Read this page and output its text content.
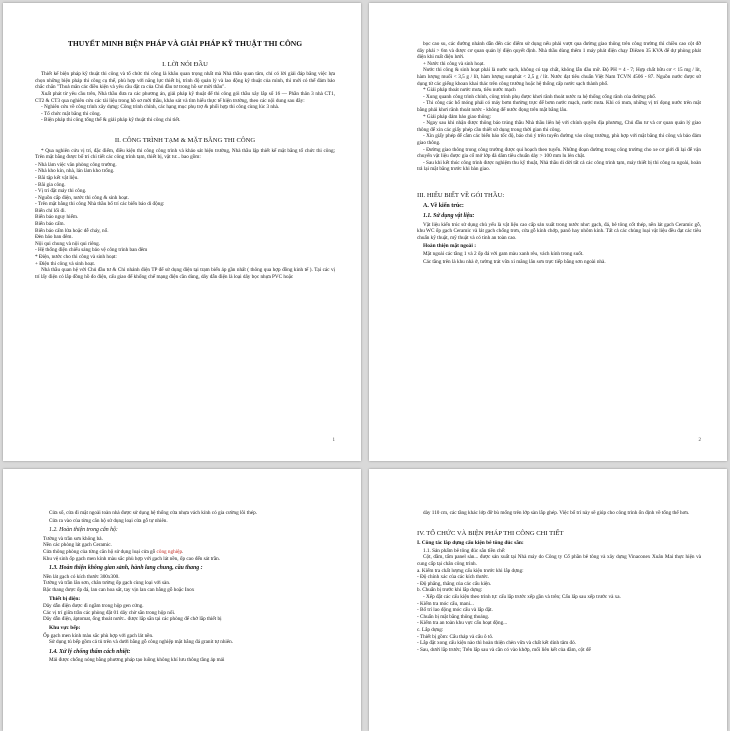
THUYẾT MINH BIỆN PHÁP VÀ GIẢI PHÁP KỸ THUẬT THI CÔNG
I. LỜI NÓI ĐẦU
Thiết kế biện pháp kỹ thuật thi công và tổ chức thi công là khâu quan trọng nhất mà Nhà thầu quan tâm, chỉ có lời giải đáp bằng việc lựa chọn những biện pháp thi công cụ thể, phù hợp với năng lực thiết bị, trình độ quản lý và lao động kỹ thuật của mình, thì mới có thể đảm bảo chắc chắn "Thoả mãn các điều kiện và yêu cầu đặt ra của Chủ đầu tư trong hồ sơ mời thầu".
Xuất phát từ yêu cầu trên, Nhà thầu đưa ra các phương án, giải pháp kỹ thuật để thi công gói thầu xây lắp số 16 — Phần thân 3 nhà CT1, CT2 & CT3 qua nghiên cứu các tài liệu trong hồ sơ mời thầu, khảo sát và tìm hiểu thực tế hiện trường, theo các nội dung sau đây:
- Nghiên cứu về công trình xây dựng: Công trình chính, các hạng mục phụ trợ & phối hợp thi công cùng lúc 3 nhà.
- Tổ chức mặt bằng thi công.
- Biện pháp thi công tổng thể & giải pháp kỹ thuật thi công chi tiết.
II. CÔNG TRÌNH TẠM & MẶT BẰNG THI CÔNG
* Qua nghiên cứu vị trí, đặc điểm, điều kiện thi công công trình và khảo sát hiện trường, Nhà thầu lập thiết kế mặt bằng tổ chức thi công; Trên mặt bằng được bố trí chi tiết các công trình tạm, thiết bị, vật tư... bao gồm:
- Nhà làm việc văn phòng công trường.
- Nhà kho kín, nhà, lán làm kho trống.
- Bãi tập kết vật liệu.
- Bãi gia công.
- Vị trí đặt máy thi công.
- Nguồn cấp điện, nước thi công & sinh hoạt.
- Trên mặt bằng thi công Nhà thầu bố trí các biển báo di động:
Biển chỉ lối đi.
Biển báo nguy hiểm.
Biển báo cấm.
Biển báo cấm lửa hoặc dễ cháy, nổ.
Đèn báo ban đêm.
Nội qui chung và nội qui riêng.
- Hệ thống điện chiếu sáng bảo vệ công trình ban đêm
* Điện, nước cho thi công và sinh hoạt:
+ Điện thi công và sinh hoạt.
Nhà thầu quan hệ với Chủ đầu tư & Chi nhánh điện TP để sử dụng điện tại trạm biến áp gần nhất ( thông qua hợp đồng kinh tế ). Tại các vị trí lấy điện có lắp đồng hồ đo điện, cấu giao để khống chế mạng điện cần dùng, dây dẫn điện là loại dây bọc nhựa PVC hoặc
1
bọc cao su, các đường nhánh dẫn đến các điểm sử dụng nếu phải vượt qua đường giao thông trên công trường thì chiều cao cột đỡ dây phải > 6m và được cơ quan quản lý điện quyết định. Nhà thầu dùng thêm 1 máy phát điện chạy Diêzen 35 KVA để dự phòng phát điện khi mất điện lưới.
+ Nước thi công và sinh hoạt.
Nước thi công & sinh hoạt phải là nước sạch, không có tạp chất, không lẫn dầu mỡ. Độ PH = 4 - 7; Hợp chất hữu cơ < 15 mg / lít, hàm lượng muối < 3,5 g / lít, hàm lượng sunphát < 2,5 g / lít. Nước đạt tiêu chuẩn Việt Nam TCVN 4506 - 87. Nguồn nước được sử dụng từ các giếng khoan khai thác trên công trường hoặc hệ thống cấp nước sạch thành phố.
* Giải pháp thoát nước mưa, tiêu nước mạch
- Xung quanh công trình chính, công trình phụ được khơi rãnh thoát nước ra hệ thống cống rãnh của đường phố.
- Thi công các hố móng phải có máy bơm thường trực để bơm nước mạch, nước mưa. Khi có mưa, những vị trí đọng nước trên mặt bằng phải khơi rãnh thoát nước - không để nước đọng trên mặt bằng lâu.
* Giải pháp đảm bảo giao thông:
- Ngay sau khi nhận được thông báo trúng thầu Nhà thầu liên hệ với chính quyền địa phương, Chủ đầu tư và cơ quan quản lý giao thông để xin các giấy phép cần thiết sử dụng trong thời gian thi công.
- Xin giấy phép để cắm các biển báo tốc độ, báo chủ ý trên tuyến đường vào công trường, phù hợp với mặt bằng thi công và bảo đảm giao thông.
- Đường giao thông trong công trường được qui hoạch theo tuyến. Những đoạn đường trong công trường cho xe cơ giới đi lại để vận chuyển vật liệu được gia cố mở lớp đá dăm tiêu chuẩn dày > 100 mm lu lèn chặt.
- Sau khi kết thúc công trình được nghiệm thu kỹ thuật, Nhà thầu di dời tất cả các công trình tạm, máy thiết bị thi công ra ngoài, hoàn trả lại mặt bằng trước khi bàn giao.
III. HIỂU BIẾT VỀ GÓI THẦU:
A. Về kiến trúc:
1.1. Sử dụng vật liệu:
Vật liệu kiến trúc sử dụng chủ yếu là vật liệu cao cấp sản xuất trong nước như: gạch, đá, bê tông cốt thép, nền lát gạch Ceramic gỗ, khu WC ốp gạch Ceramic và lát gạch chống trơn, cửa gỗ kính chớp, panô hay nhôm kính. Tất cả các chủng loại vật liệu đều đạt các tiêu chuẩn kỹ thuật, mỹ thuật và có tính an toàn cao.
Hoàn thiện mặt ngoài :
Mặt ngoài các tầng 1 và 2 ốp đá với gam màu xanh rêu, vách kính trong suốt.
Các tầng trên là khu nhà ở, tường trát vữa xi măng lăn sơn trực tiếp bằng sơn ngoài nhà.
2
Cửa sổ, cửa đi mặt ngoài toàn nhà được sử dụng hệ thống cửa nhựa vách kính có gia cường lõi thép.
Cửa ra vào của từng căn hộ sử dụng loại cửa gỗ tự nhiên.
1.2. Hoàn thiện trong căn hộ:
Tường và trần sơn không bả.
Nền các phòng lát gạch Ceramic.
Cửa thông phòng của từng căn hộ sử dụng loại cửa gỗ công nghiệp.
Khu vệ sinh ốp gạch men kính màu sắc phù hợp với gạch lát nền, ốp cao đến sát trần.
1.3. Hoàn thiện không gian sảnh, hành lang chung, cầu thang :
Nền lát gạch có kích thước 300x300.
Tường và trần lăn sơn, chân tường ốp gạch cùng loại với sàn.
Bậc thang được ốp đá, lan can hoa sắt, tay vịn lan can bằng gỗ hoặc Inox
Thiết bị điện:
Dây dẫn điện được đi ngầm trong hộp gen cứng.
Các vị trí giữa trần các phòng đặt 01 dây chờ sẵn trong hộp nối.
Dây dẫn điện, áptomat, ổng thoát nước.. được lắp sẵn tại các phòng để chờ lắp thiết bị
Khu vực bếp:
Ốp gạch men kính màu sắc phù hợp với gạch lát nền.
Sử dụng tủ bếp gồm cả tủ trên và dưới bằng gỗ công nghiệp mặt bằng đá granit tự nhiên.
1.4. Xử lý chống thấm cách nhiệt:
Mái được chống nóng bằng phương pháp tạo luồng không khí lưu thông tầng áp mái
dày 110 cm, các tầng khác lớp đỡ bù mống trên lớp sàn lắp ghép. Việc bố trí này sẽ giúp cho công trình ổn định về tổng thể hơn.
IV. TỔ CHỨC VÀ BIỆN PHÁP THI CÔNG CHI TIẾT
I. Công tác lắp dựng cấu kiện bê tông đúc sẵn:
1.1. Sản phẩm bê tông đúc sẵn tiền chế:
Cột, dầm, tấm panel sàn... được sản xuất tại Nhà máy do Công ty Cổ phần bê tông và xây dựng Vinaconex Xuân Mai thực hiện và cung cấp tại chân công trình.
a. Kiểm tra chất lượng cấu kiện trước khi lắp dựng:
- Độ chính xác của các kích thước.
- Độ phẳng, thẳng của các cấu kiện.
b. Chuẩn bị trước khi lắp dựng:
- Xếp đặt các cấu kiện theo trình tự: cấu lắp trước xếp gần và trên; Cấu lắp sau xếp trước và xa.
- Kiểm tra móc cẩu, mani...
- Bố trí lao động móc cẩu và lắp đặt.
- Chuẩn bị mặt bằng thông thoáng.
- Kiểm tra an toàn khu vực cẩu hoạt động...
c. Lắp dựng:
- Thiết bị gồm: Cẩu tháp và cẩu ô tô.
- Lắp đặt xong cấu kiện nào thì hoàn thiện chèn vữa và chất kết dính tâm đó.
- Sau, dưới lắp trước; Trên lắp sau và cần có vào khớp, mối liên kết của dầm, cột để
